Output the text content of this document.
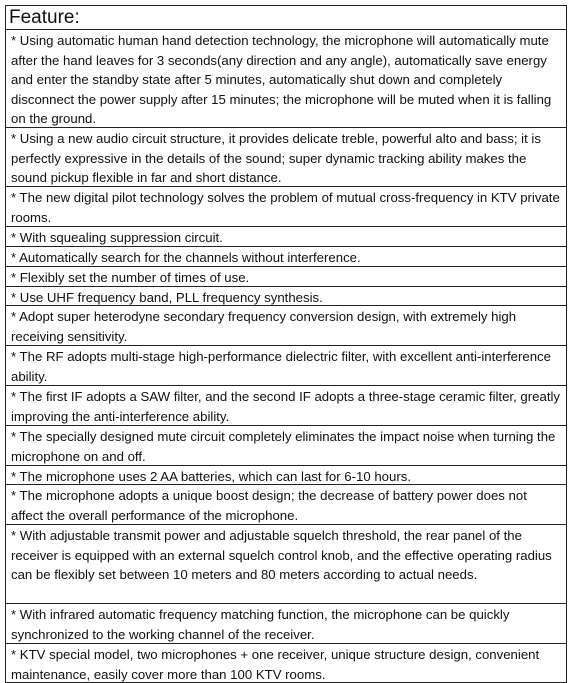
Feature:
* Using automatic human hand detection technology, the microphone will automatically mute after the hand leaves for 3 seconds(any direction and any angle), automatically save energy and enter the standby state after 5 minutes, automatically shut down and completely disconnect the power supply after 15 minutes; the microphone will be muted when it is falling on the ground.
* Using a new audio circuit structure, it provides delicate treble, powerful alto and bass; it is perfectly expressive in the details of the sound; super dynamic tracking ability makes the sound pickup flexible in far and short distance.
* The new digital pilot technology solves the problem of mutual cross-frequency in KTV private rooms.
* With squealing suppression circuit.
* Automatically search for the channels without interference.
* Flexibly set the number of times of use.
* Use UHF frequency band, PLL frequency synthesis.
* Adopt super heterodyne secondary frequency conversion design, with extremely high receiving sensitivity.
* The RF adopts multi-stage high-performance dielectric filter, with excellent anti-interference ability.
* The first IF adopts a SAW filter, and the second IF adopts a three-stage ceramic filter, greatly improving the anti-interference ability.
* The specially designed mute circuit completely eliminates the impact noise when turning the microphone on and off.
* The microphone uses 2 AA batteries, which can last for 6-10 hours.
* The microphone adopts a unique boost design; the decrease of battery power does not affect the overall performance of the microphone.
* With adjustable transmit power and adjustable squelch threshold, the rear panel of the receiver is equipped with an external squelch control knob, and the effective operating radius can be flexibly set between 10 meters and 80 meters according to actual needs.
* With infrared automatic frequency matching function, the microphone can be quickly synchronized to the working channel of the receiver.
* KTV special model, two microphones + one receiver, unique structure design, convenient maintenance, easily cover more than 100 KTV rooms.
